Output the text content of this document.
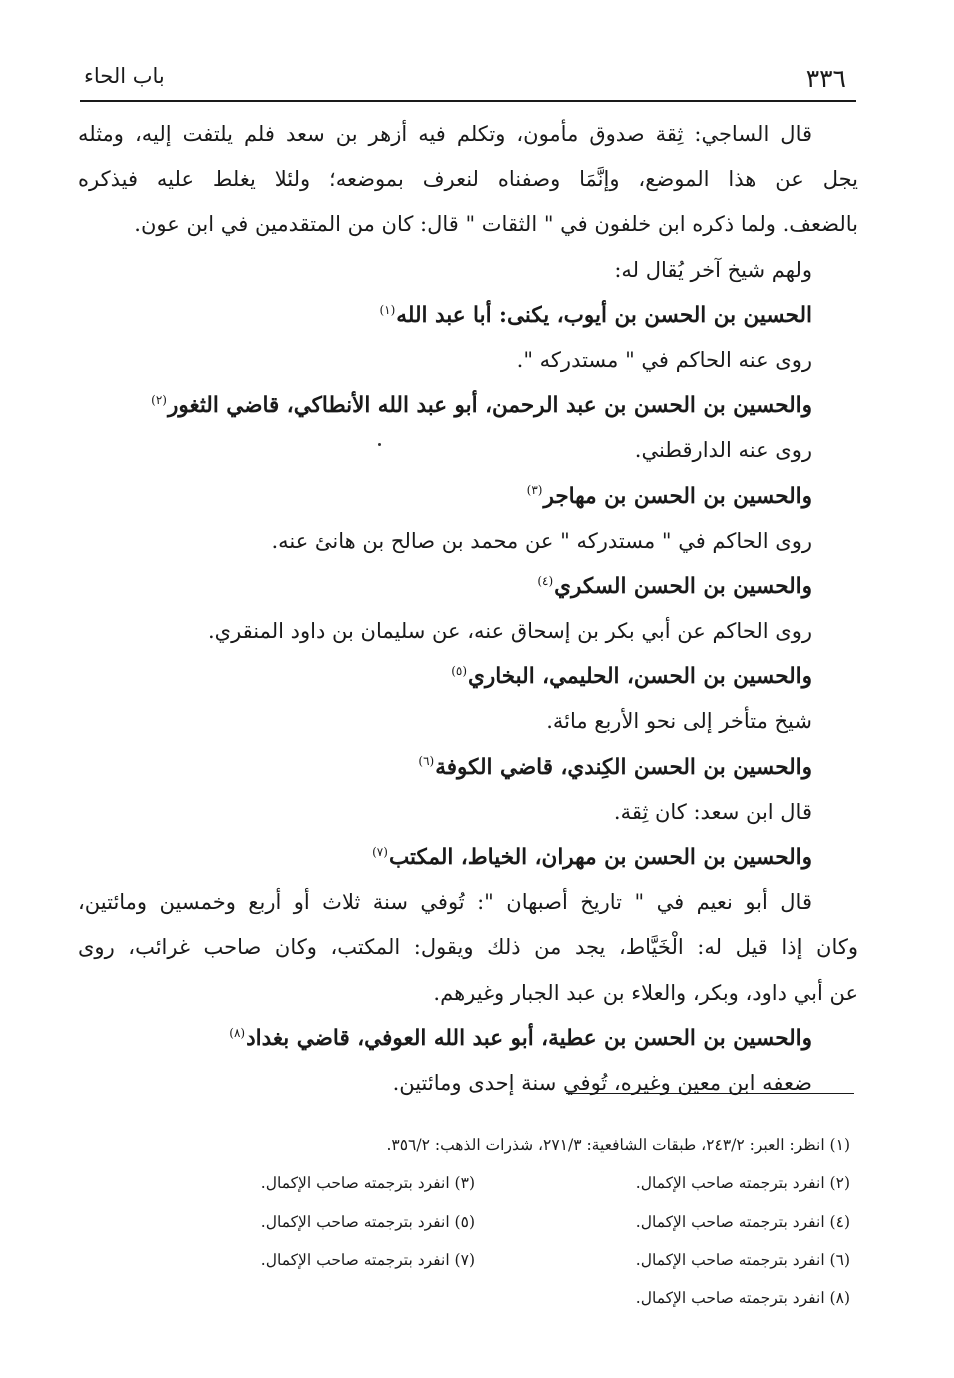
٣٣٦
باب الحاء
قال الساجي: ثِقة صدوق مأمون، وتكلم فيه أزهر بن سعد فلم يلتفت إليه، ومثله
يجل عن هذا الموضع، وإنَّمَا وصفناه لنعرف بموضعه؛ ولئلا يغلط عليه فيذكره
بالضعف. ولما ذكره ابن خلفون في " الثقات " قال: كان من المتقدمين في ابن عون.
ولهم شيخ آخر يُقال له:
الحسين بن الحسن بن أيوب، يكنى: أبا عبد الله$^{(١)}$
روى عنه الحاكم في " مستدركه ".
والحسين بن الحسن بن عبد الرحمن، أبو عبد الله الأنطاكي، قاضي الثغور$^{(٢)}$
روى عنه الدارقطني.
والحسين بن الحسن بن مهاجر$^{(٣)}$
روى الحاكم في " مستدركه " عن محمد بن صالح بن هانئ عنه.
والحسين بن الحسن السكري$^{(٤)}$
روى الحاكم عن أبي بكر بن إسحاق عنه، عن سليمان بن داود المنقري.
والحسين بن الحسن، الحليمي، البخاري$^{(٥)}$
شيخ متأخر إلى نحو الأربع مائة.
والحسين بن الحسن الكِندي، قاضي الكوفة$^{(٦)}$
قال ابن سعد: كان ثِقة.
والحسين بن الحسن بن مهران، الخياط، المكتب$^{(٧)}$
قال أبو نعيم في " تاريخ أصبهان ": تُوفي سنة ثلاث أو أربع وخمسين ومائتين،
وكان إذا قيل له: الْخَيَّاط، يجد من ذلك ويقول: المكتب، وكان صاحب غرائب، روى
عن أبي داود، وبكر، والعلاء بن عبد الجبار وغيرهم.
والحسين بن الحسن بن عطية، أبو عبد الله العوفي، قاضي بغداد$^{(٨)}$
ضعفه ابن معين وغيره، تُوفي سنة إحدى ومائتين.
(١) انظر: العبر: ٢٤٣/٢، طبقات الشافعية: ٢٧١/٣، شذرات الذهب: ٣٥٦/٢.
(٢) انفرد بترجمته صاحب الإكمال.
(٣) انفرد بترجمته صاحب الإكمال.
(٤) انفرد بترجمته صاحب الإكمال.
(٥) انفرد بترجمته صاحب الإكمال.
(٦) انفرد بترجمته صاحب الإكمال.
(٧) انفرد بترجمته صاحب الإكمال.
(٨) انفرد بترجمته صاحب الإكمال.
